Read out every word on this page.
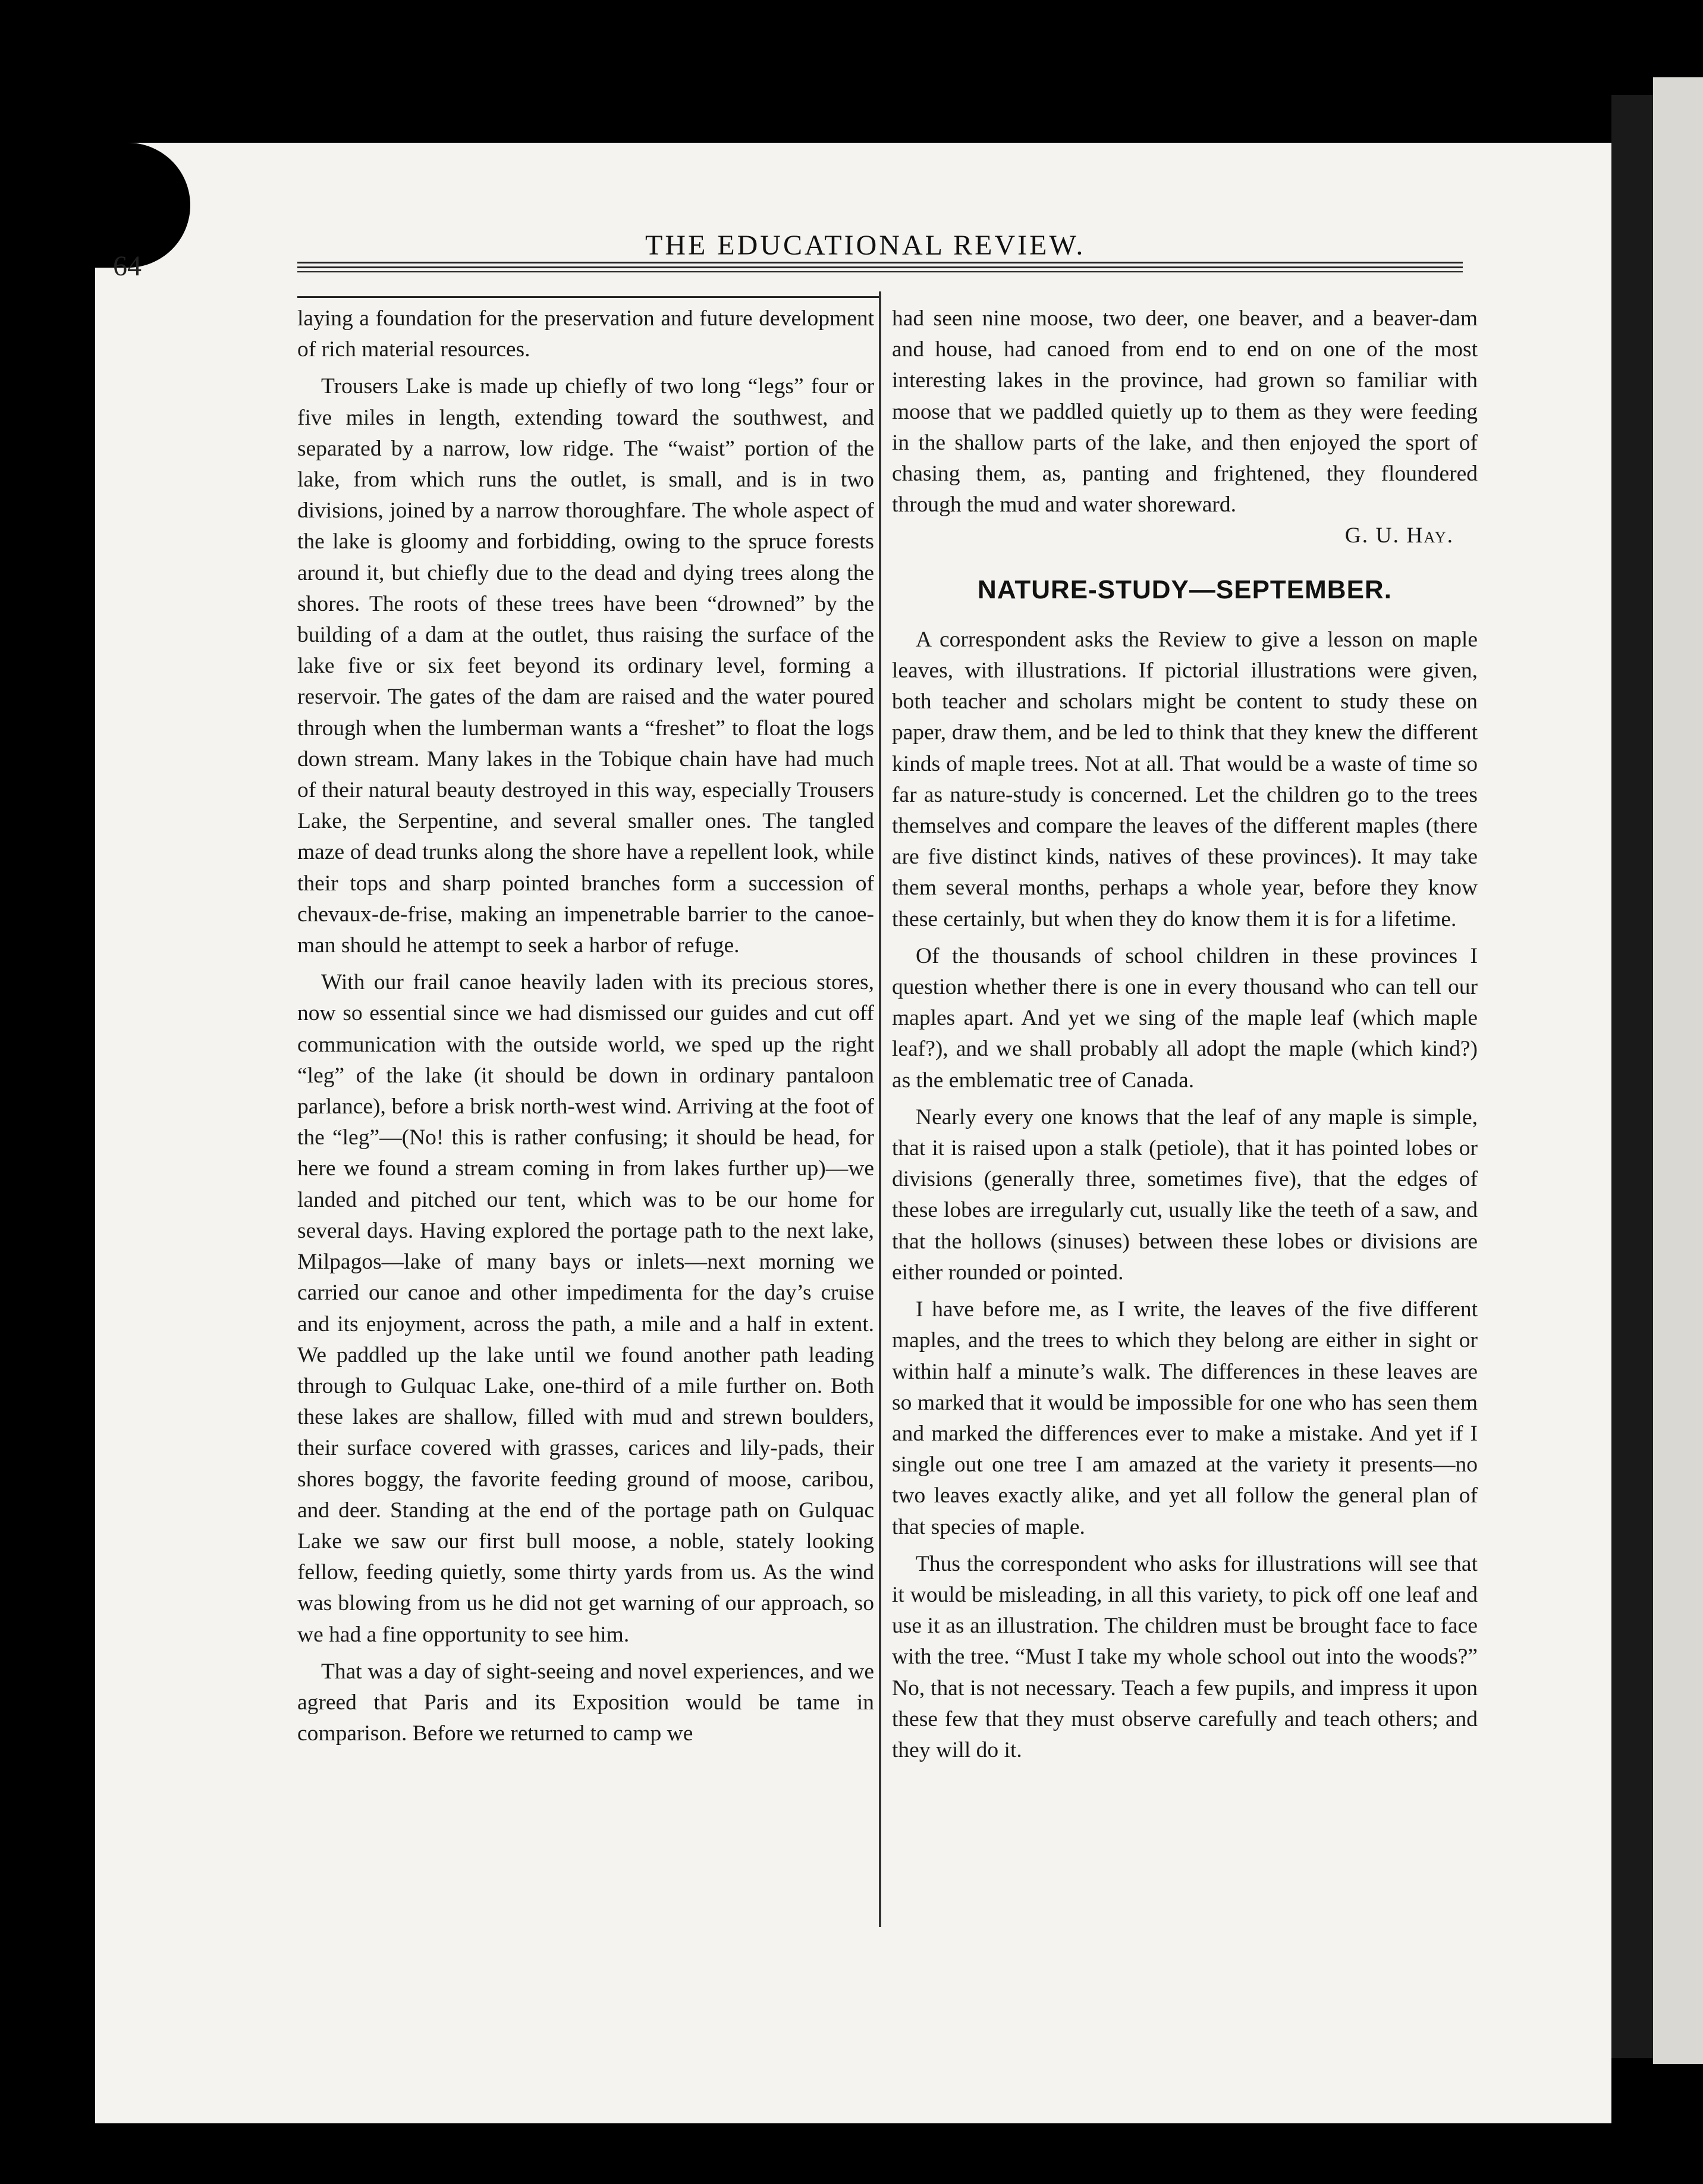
64
THE EDUCATIONAL REVIEW.

laying a foundation for the preservation and future development of rich material resources.

Trousers Lake is made up chiefly of two long “legs” four or five miles in length, extending toward the southwest, and separated by a narrow, low ridge. The “waist” portion of the lake, from which runs the outlet, is small, and is in two divisions, joined by a narrow thoroughfare. The whole aspect of the lake is gloomy and forbidding, owing to the spruce forests around it, but chiefly due to the dead and dying trees along the shores. The roots of these trees have been “drowned” by the building of a dam at the outlet, thus raising the surface of the lake five or six feet beyond its ordinary level, forming a reservoir. The gates of the dam are raised and the water poured through when the lumberman wants a “freshet” to float the logs down stream. Many lakes in the Tobique chain have had much of their natural beauty destroyed in this way, especially Trousers Lake, the Serpentine, and several smaller ones. The tangled maze of dead trunks along the shore have a repellent look, while their tops and sharp pointed branches form a succession of chevaux-de-frise, making an impenetrable barrier to the canoe-man should he attempt to seek a harbor of refuge.

With our frail canoe heavily laden with its precious stores, now so essential since we had dismissed our guides and cut off communication with the outside world, we sped up the right “leg” of the lake (it should be down in ordinary pantaloon parlance), before a brisk north-west wind. Arriving at the foot of the “leg”—(No! this is rather confusing; it should be head, for here we found a stream coming in from lakes further up)—we landed and pitched our tent, which was to be our home for several days. Having explored the portage path to the next lake, Milpagos—lake of many bays or inlets—next morning we carried our canoe and other impedimenta for the day’s cruise and its enjoyment, across the path, a mile and a half in extent. We paddled up the lake until we found another path leading through to Gulquac Lake, one-third of a mile further on. Both these lakes are shallow, filled with mud and strewn boulders, their surface covered with grasses, carices and lily-pads, their shores boggy, the favorite feeding ground of moose, caribou, and deer. Standing at the end of the portage path on Gulquac Lake we saw our first bull moose, a noble, stately looking fellow, feeding quietly, some thirty yards from us. As the wind was blowing from us he did not get warning of our approach, so we had a fine opportunity to see him.

That was a day of sight-seeing and novel experiences, and we agreed that Paris and its Exposition would be tame in comparison. Before we returned to camp we

had seen nine moose, two deer, one beaver, and a beaver-dam and house, had canoed from end to end on one of the most interesting lakes in the province, had grown so familiar with moose that we paddled quietly up to them as they were feeding in the shallow parts of the lake, and then enjoyed the sport of chasing them, as, panting and frightened, they floundered through the mud and water shoreward.

G. U. Hay.
NATURE-STUDY—SEPTEMBER.

A correspondent asks the Review to give a lesson on maple leaves, with illustrations. If pictorial illustrations were given, both teacher and scholars might be content to study these on paper, draw them, and be led to think that they knew the different kinds of maple trees. Not at all. That would be a waste of time so far as nature-study is concerned. Let the children go to the trees themselves and compare the leaves of the different maples (there are five distinct kinds, natives of these provinces). It may take them several months, perhaps a whole year, before they know these certainly, but when they do know them it is for a lifetime.

Of the thousands of school children in these provinces I question whether there is one in every thousand who can tell our maples apart. And yet we sing of the maple leaf (which maple leaf?), and we shall probably all adopt the maple (which kind?) as the emblematic tree of Canada.

Nearly every one knows that the leaf of any maple is simple, that it is raised upon a stalk (petiole), that it has pointed lobes or divisions (generally three, sometimes five), that the edges of these lobes are irregularly cut, usually like the teeth of a saw, and that the hollows (sinuses) between these lobes or divisions are either rounded or pointed.

I have before me, as I write, the leaves of the five different maples, and the trees to which they belong are either in sight or within half a minute’s walk. The differences in these leaves are so marked that it would be impossible for one who has seen them and marked the differences ever to make a mistake. And yet if I single out one tree I am amazed at the variety it presents—no two leaves exactly alike, and yet all follow the general plan of that species of maple.

Thus the correspondent who asks for illustrations will see that it would be misleading, in all this variety, to pick off one leaf and use it as an illustration. The children must be brought face to face with the tree. “Must I take my whole school out into the woods?” No, that is not necessary. Teach a few pupils, and impress it upon these few that they must observe carefully and teach others; and they will do it.
